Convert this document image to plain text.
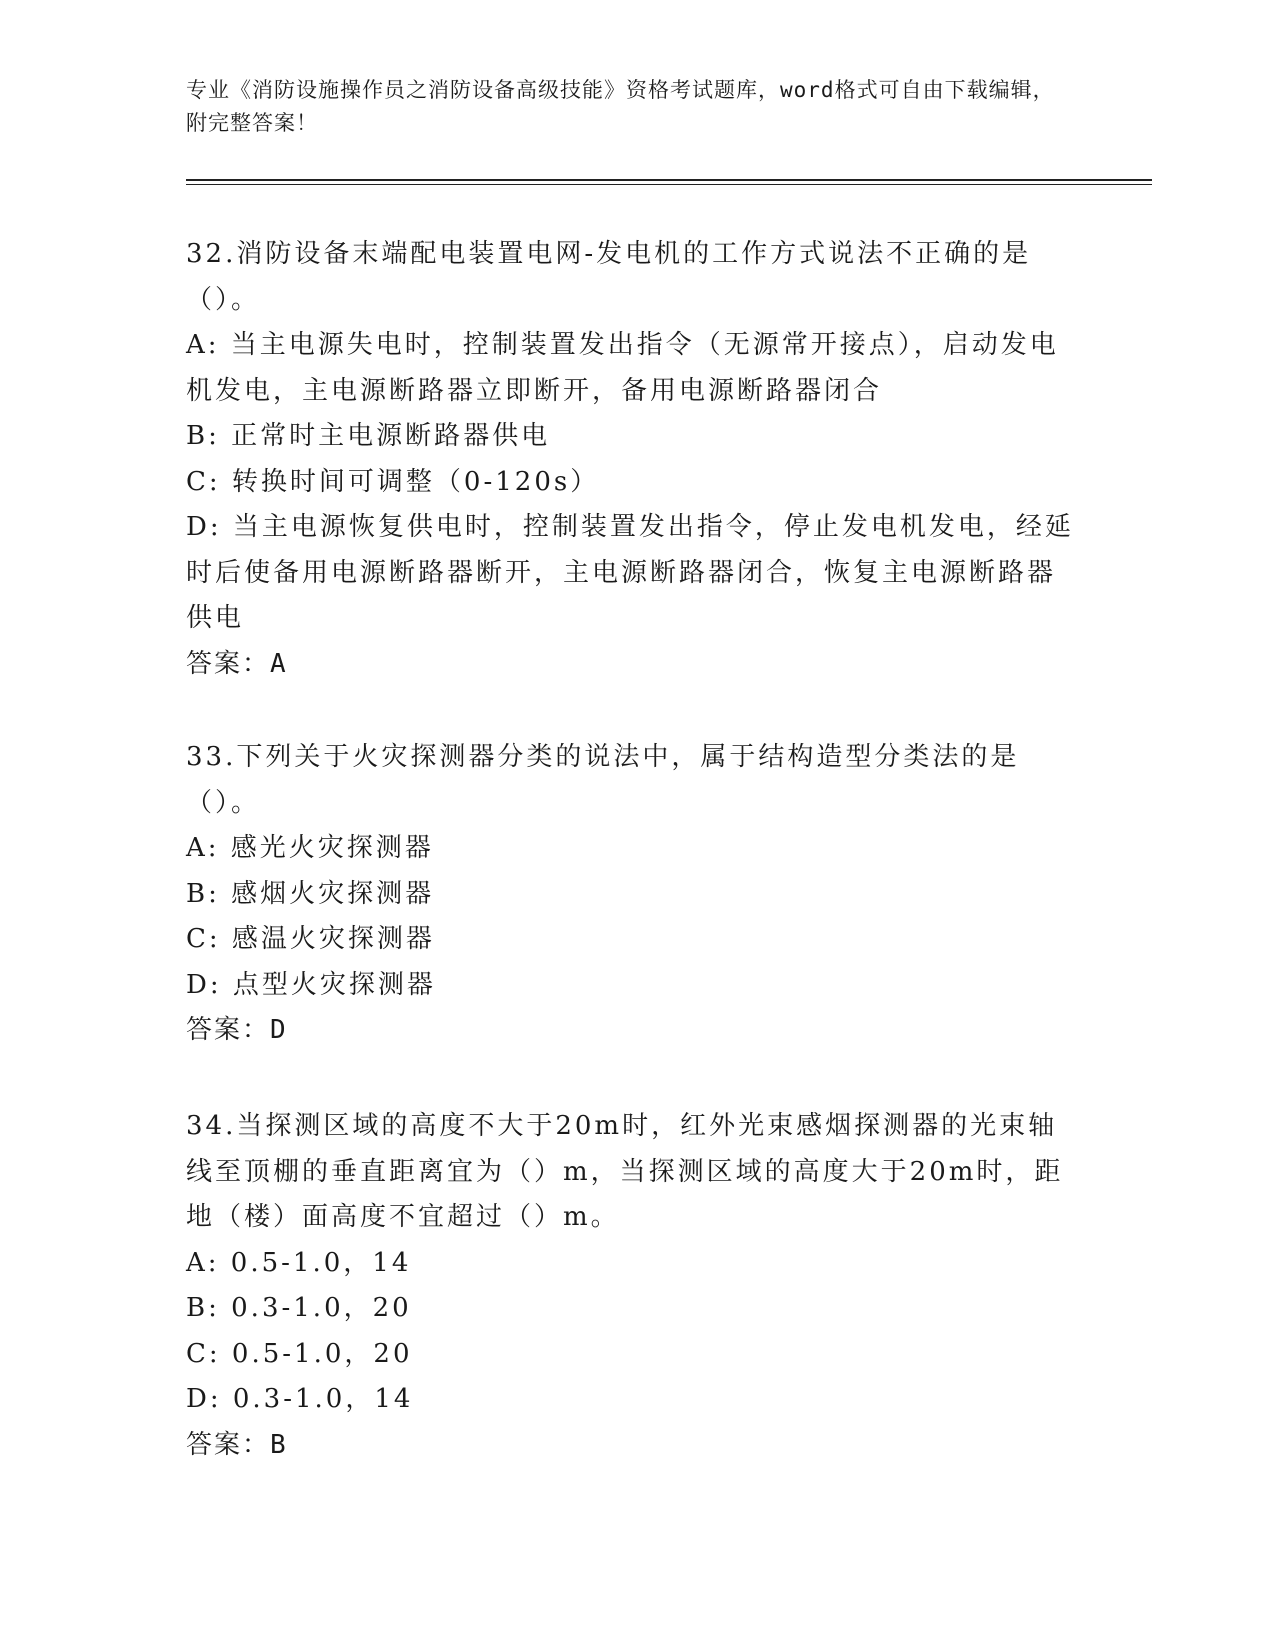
专业《消防设施操作员之消防设备高级技能》资格考试题库，word格式可自由下载编辑，附完整答案！

32.消防设备末端配电装置电网-发电机的工作方式说法不正确的是（）。

A: 当主电源失电时，控制装置发出指令（无源常开接点），启动发电机发电，主电源断路器立即断开，备用电源断路器闭合

B: 正常时主电源断路器供电

C: 转换时间可调整（0-120s）

D: 当主电源恢复供电时，控制装置发出指令，停止发电机发电，经延时后使备用电源断路器断开，主电源断路器闭合，恢复主电源断路器供电

答案：A

33.下列关于火灾探测器分类的说法中，属于结构造型分类法的是（）。

A: 感光火灾探测器

B: 感烟火灾探测器

C: 感温火灾探测器

D: 点型火灾探测器

答案：D

34.当探测区域的高度不大于20m时，红外光束感烟探测器的光束轴线至顶棚的垂直距离宜为（）m，当探测区域的高度大于20m时，距地（楼）面高度不宜超过（）m。

A: 0.5-1.0，14

B: 0.3-1.0，20

C: 0.5-1.0，20

D: 0.3-1.0，14

答案：B
